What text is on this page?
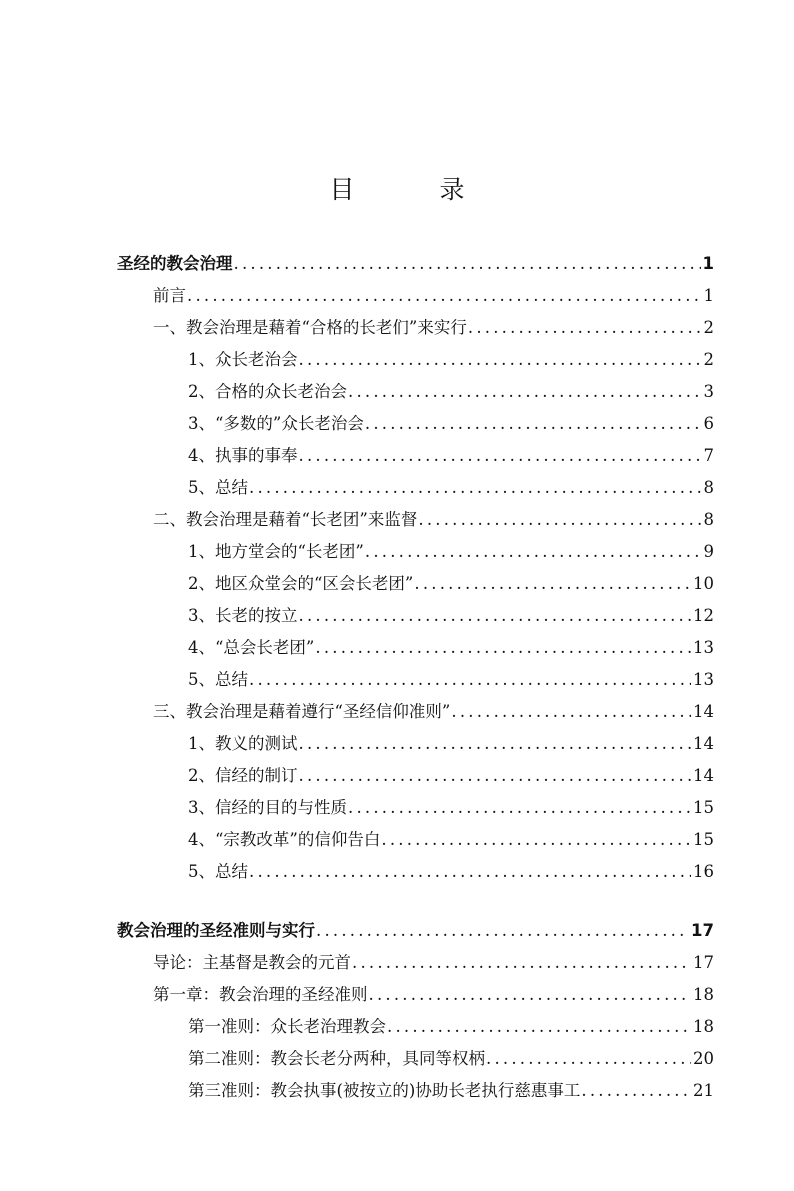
目　录
圣经的教会治理 .....	1
前言 .....	1
一、教会治理是藉着“合格的长老们”来实行 .....	2
1、众长老治会 .....	2
2、合格的众长老治会 .....	3
3、“多数的”众长老治会 .....	6
4、执事的事奉 .....	7
5、总结 .....	8
二、教会治理是藉着“长老团”来监督 .....	8
1、地方堂会的“长老团” .....	9
2、地区众堂会的“区会长老团” .....	10
3、长老的按立 .....	12
4、“总会长老团” .....	13
5、总结 .....	13
三、教会治理是藉着遵行“圣经信仰准则” .....	14
1、教义的测试 .....	14
2、信经的制订 .....	14
3、信经的目的与性质 .....	15
4、“宗教改革”的信仰告白 .....	15
5、总结 .....	16
教会治理的圣经准则与实行 .....	17
导论：主基督是教会的元首 .....	17
第一章：教会治理的圣经准则 .....	18
第一准则：众长老治理教会 .....	18
第二准则：教会长老分两种，具同等权柄 .....	20
第三准则：教会执事(被按立的)协助长老执行慈惠事工 .....	21
